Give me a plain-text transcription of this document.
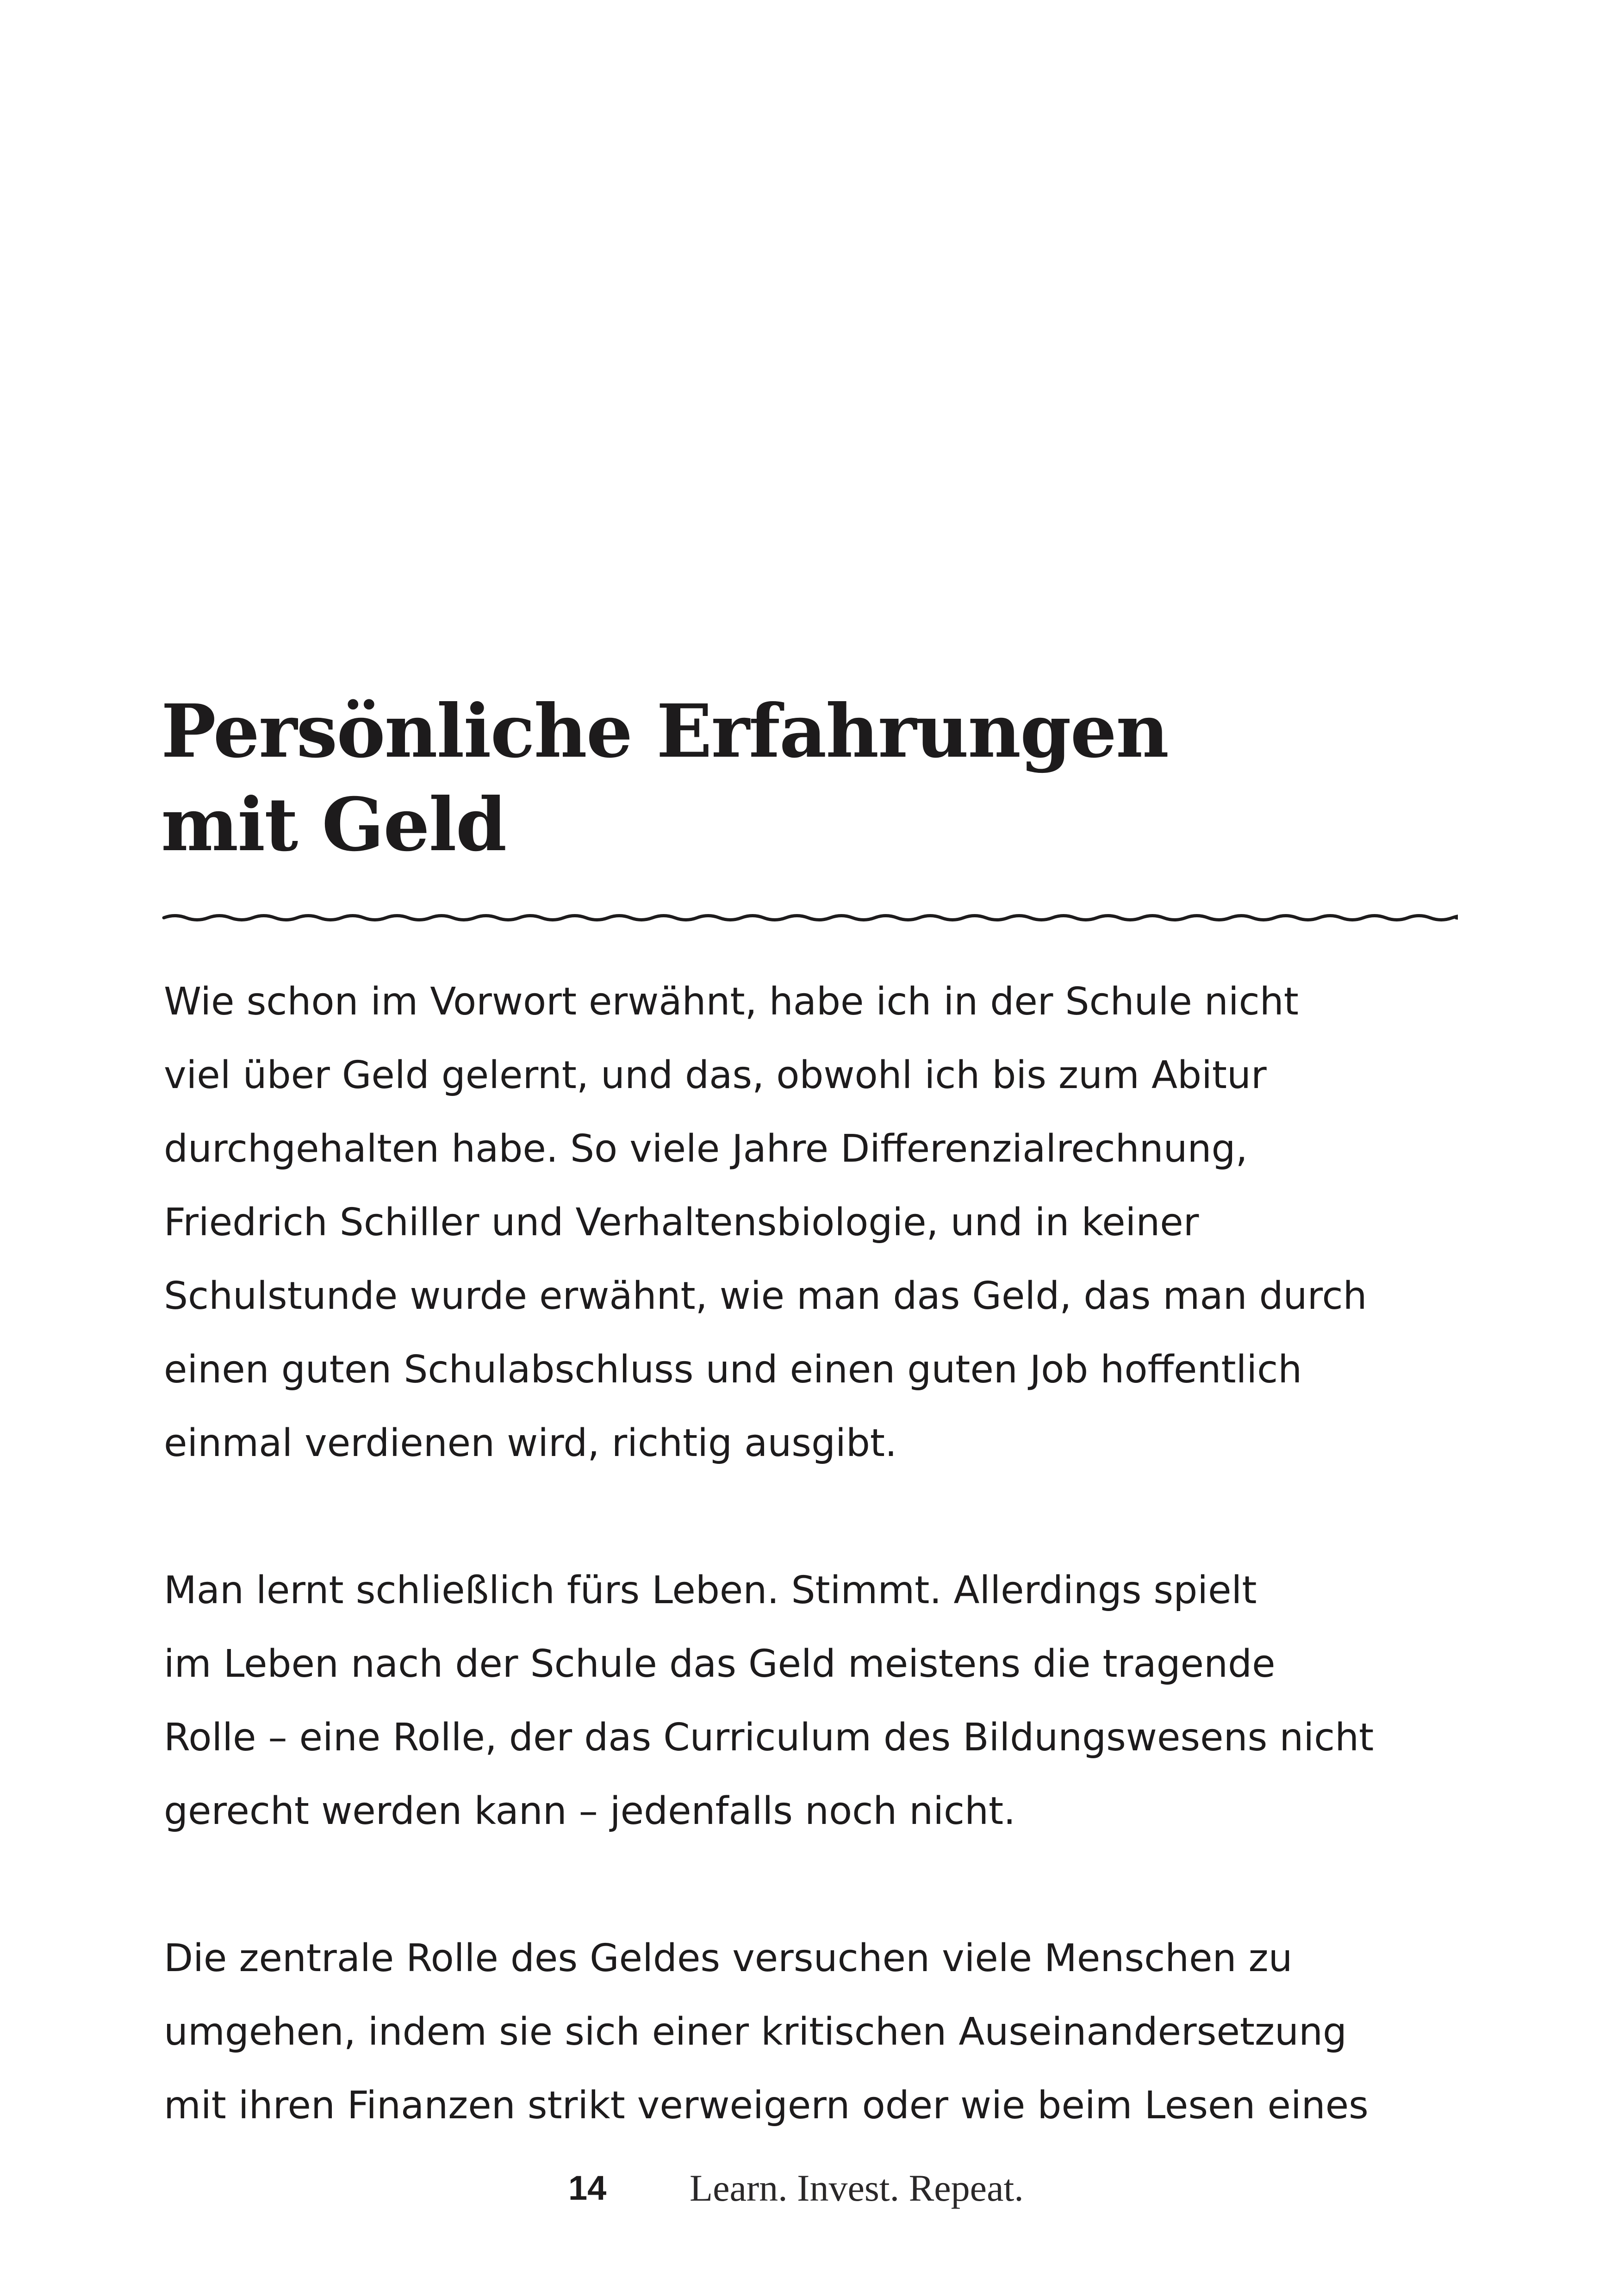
Persönliche Erfahrungen
mit Geld

Wie schon im Vorwort erwähnt, habe ich in der Schule nicht
viel über Geld gelernt, und das, obwohl ich bis zum Abitur
durchgehalten habe. So viele Jahre Differenzialrechnung,
Friedrich Schiller und Verhaltensbiologie, und in keiner
Schulstunde wurde erwähnt, wie man das Geld, das man durch
einen guten Schulabschluss und einen guten Job hoffentlich
einmal verdienen wird, richtig ausgibt.

Man lernt schließlich fürs Leben. Stimmt. Allerdings spielt
im Leben nach der Schule das Geld meistens die tragende
Rolle – eine Rolle, der das Curriculum des Bildungswesens nicht
gerecht werden kann – jedenfalls noch nicht.

Die zentrale Rolle des Geldes versuchen viele Menschen zu
umgehen, indem sie sich einer kritischen Auseinandersetzung
mit ihren Finanzen strikt verweigern oder wie beim Lesen eines

14 Learn. Invest. Repeat.
